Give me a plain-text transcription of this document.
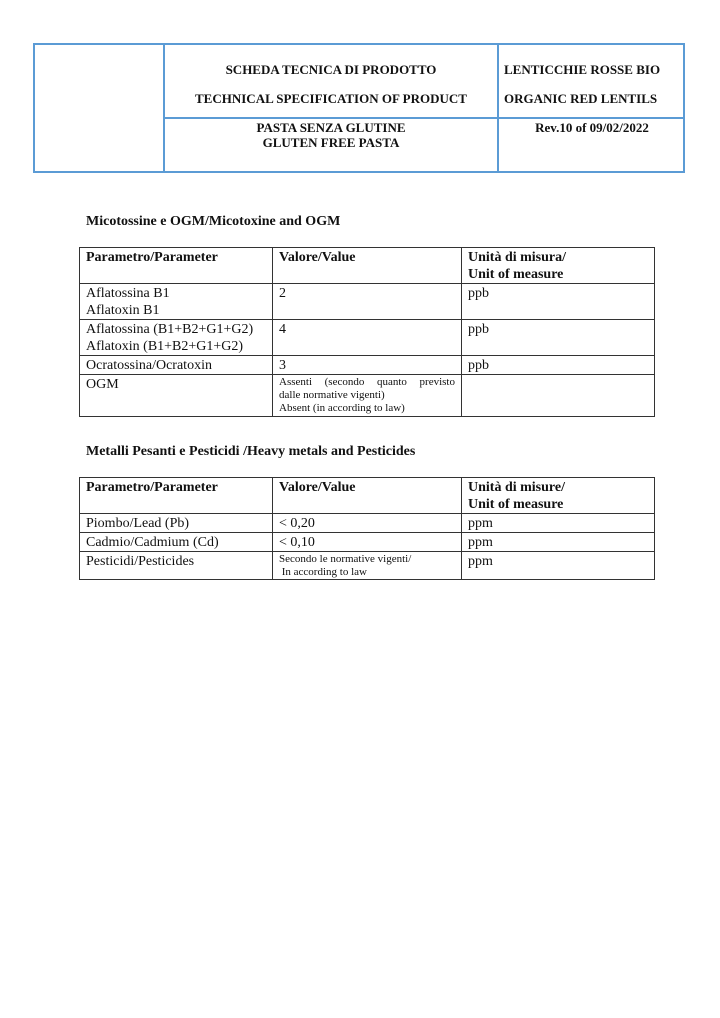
SCHEDA TECNICA DI PRODOTTO
TECHNICAL SPECIFICATION OF PRODUCT
LENTICCHIE ROSSE BIO
ORGANIC RED LENTILS
PASTA SENZA GLUTINE
GLUTEN FREE PASTA
Rev.10 of 09/02/2022
Micotossine e OGM/Micotoxine and OGM
Parametro/Parameter	Valore/Value	Unità di misura/
Unit of measure

Aflatossina B1
Aflatoxin B1	2	ppb

Aflatossina (B1+B2+G1+G2)
Aflatoxin (B1+B2+G1+G2)	4	ppb
Ocratossina/Ocratoxin	3	ppb
OGM	Assenti (secondo quanto previsto
dalle normative vigenti)
Absent (in according to law)	

Metalli Pesanti e Pesticidi /Heavy metals and Pesticides
Parametro/Parameter	Valore/Value	Unità di misure/
Unit of measure

Piombo/Lead (Pb)	< 0,20	ppm
Cadmio/Cadmium (Cd)	< 0,10	ppm
Pesticidi/Pesticides	Secondo le normative vigenti/
In according to law	ppm
